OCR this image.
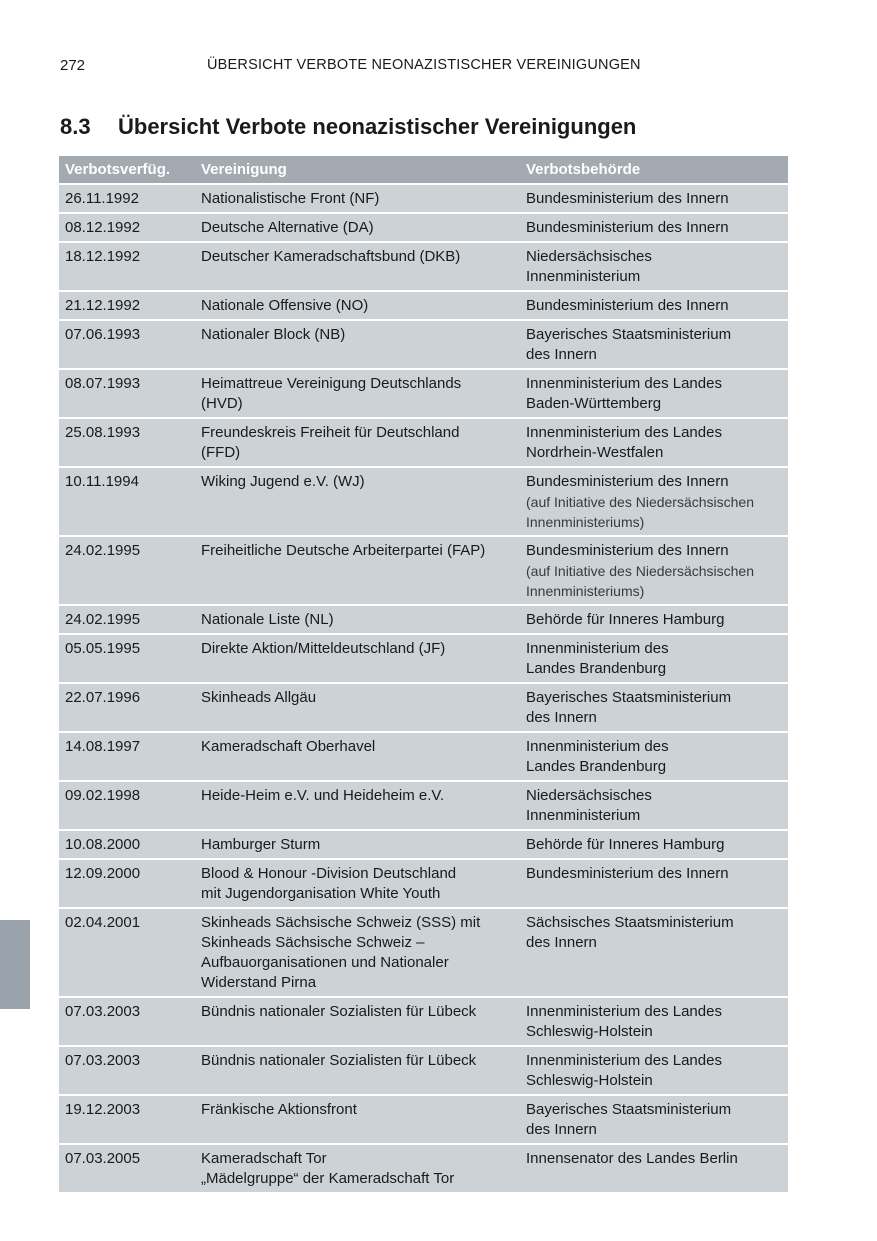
272	ÜBERSICHT VERBOTE NEONAZISTISCHER VEREINIGUNGEN
8.3 Übersicht Verbote neonazistischer Vereinigungen
Verbotsverfüg.	Vereinigung	Verbotsbehörde
26.11.1992	Nationalistische Front (NF)	Bundesministerium des Innern

08.12.1992	Deutsche Alternative (DA)	Bundesministerium des Innern

18.12.1992	Deutscher Kameradschaftsbund (DKB)	Niedersächsisches
Innenministerium

21.12.1992	Nationale Offensive (NO)	Bundesministerium des Innern

07.06.1993	Nationaler Block (NB)	Bayerisches Staatsministerium
des Innern

08.07.1993	Heimattreue Vereinigung Deutschlands
(HVD)	Innenministerium des Landes
Baden-Württemberg

25.08.1993	Freundeskreis Freiheit für Deutschland
(FFD)	Innenministerium des Landes
Nordrhein-Westfalen

10.11.1994	Wiking Jugend e.V. (WJ)	Bundesministerium des Innern
(auf Initiative des Niedersächsischen
Innenministeriums)

24.02.1995	Freiheitliche Deutsche Arbeiterpartei (FAP)	Bundesministerium des Innern
(auf Initiative des Niedersächsischen
Innenministeriums)

24.02.1995	Nationale Liste (NL)	Behörde für Inneres Hamburg

05.05.1995	Direkte Aktion/Mitteldeutschland (JF)	Innenministerium des
Landes Brandenburg

22.07.1996	Skinheads Allgäu	Bayerisches Staatsministerium
des Innern

14.08.1997	Kameradschaft Oberhavel	Innenministerium des
Landes Brandenburg

09.02.1998	Heide-Heim e.V. und Heideheim e.V.	Niedersächsisches
Innenministerium

10.08.2000	Hamburger Sturm	Behörde für Inneres Hamburg

12.09.2000	Blood & Honour -Division Deutschland
mit Jugendorganisation White Youth	Bundesministerium des Innern

02.04.2001	Skinheads Sächsische Schweiz (SSS) mit
Skinheads Sächsische Schweiz –
Aufbauorganisationen und Nationaler
Widerstand Pirna	Sächsisches Staatsministerium
des Innern

07.03.2003	Bündnis nationaler Sozialisten für Lübeck	Innenministerium des Landes
Schleswig-Holstein

07.03.2003	Bündnis nationaler Sozialisten für Lübeck	Innenministerium des Landes
Schleswig-Holstein

19.12.2003	Fränkische Aktionsfront	Bayerisches Staatsministerium
des Innern

07.03.2005	Kameradschaft Tor
„Mädelgruppe“ der Kameradschaft Tor	Innensenator des Landes Berlin
